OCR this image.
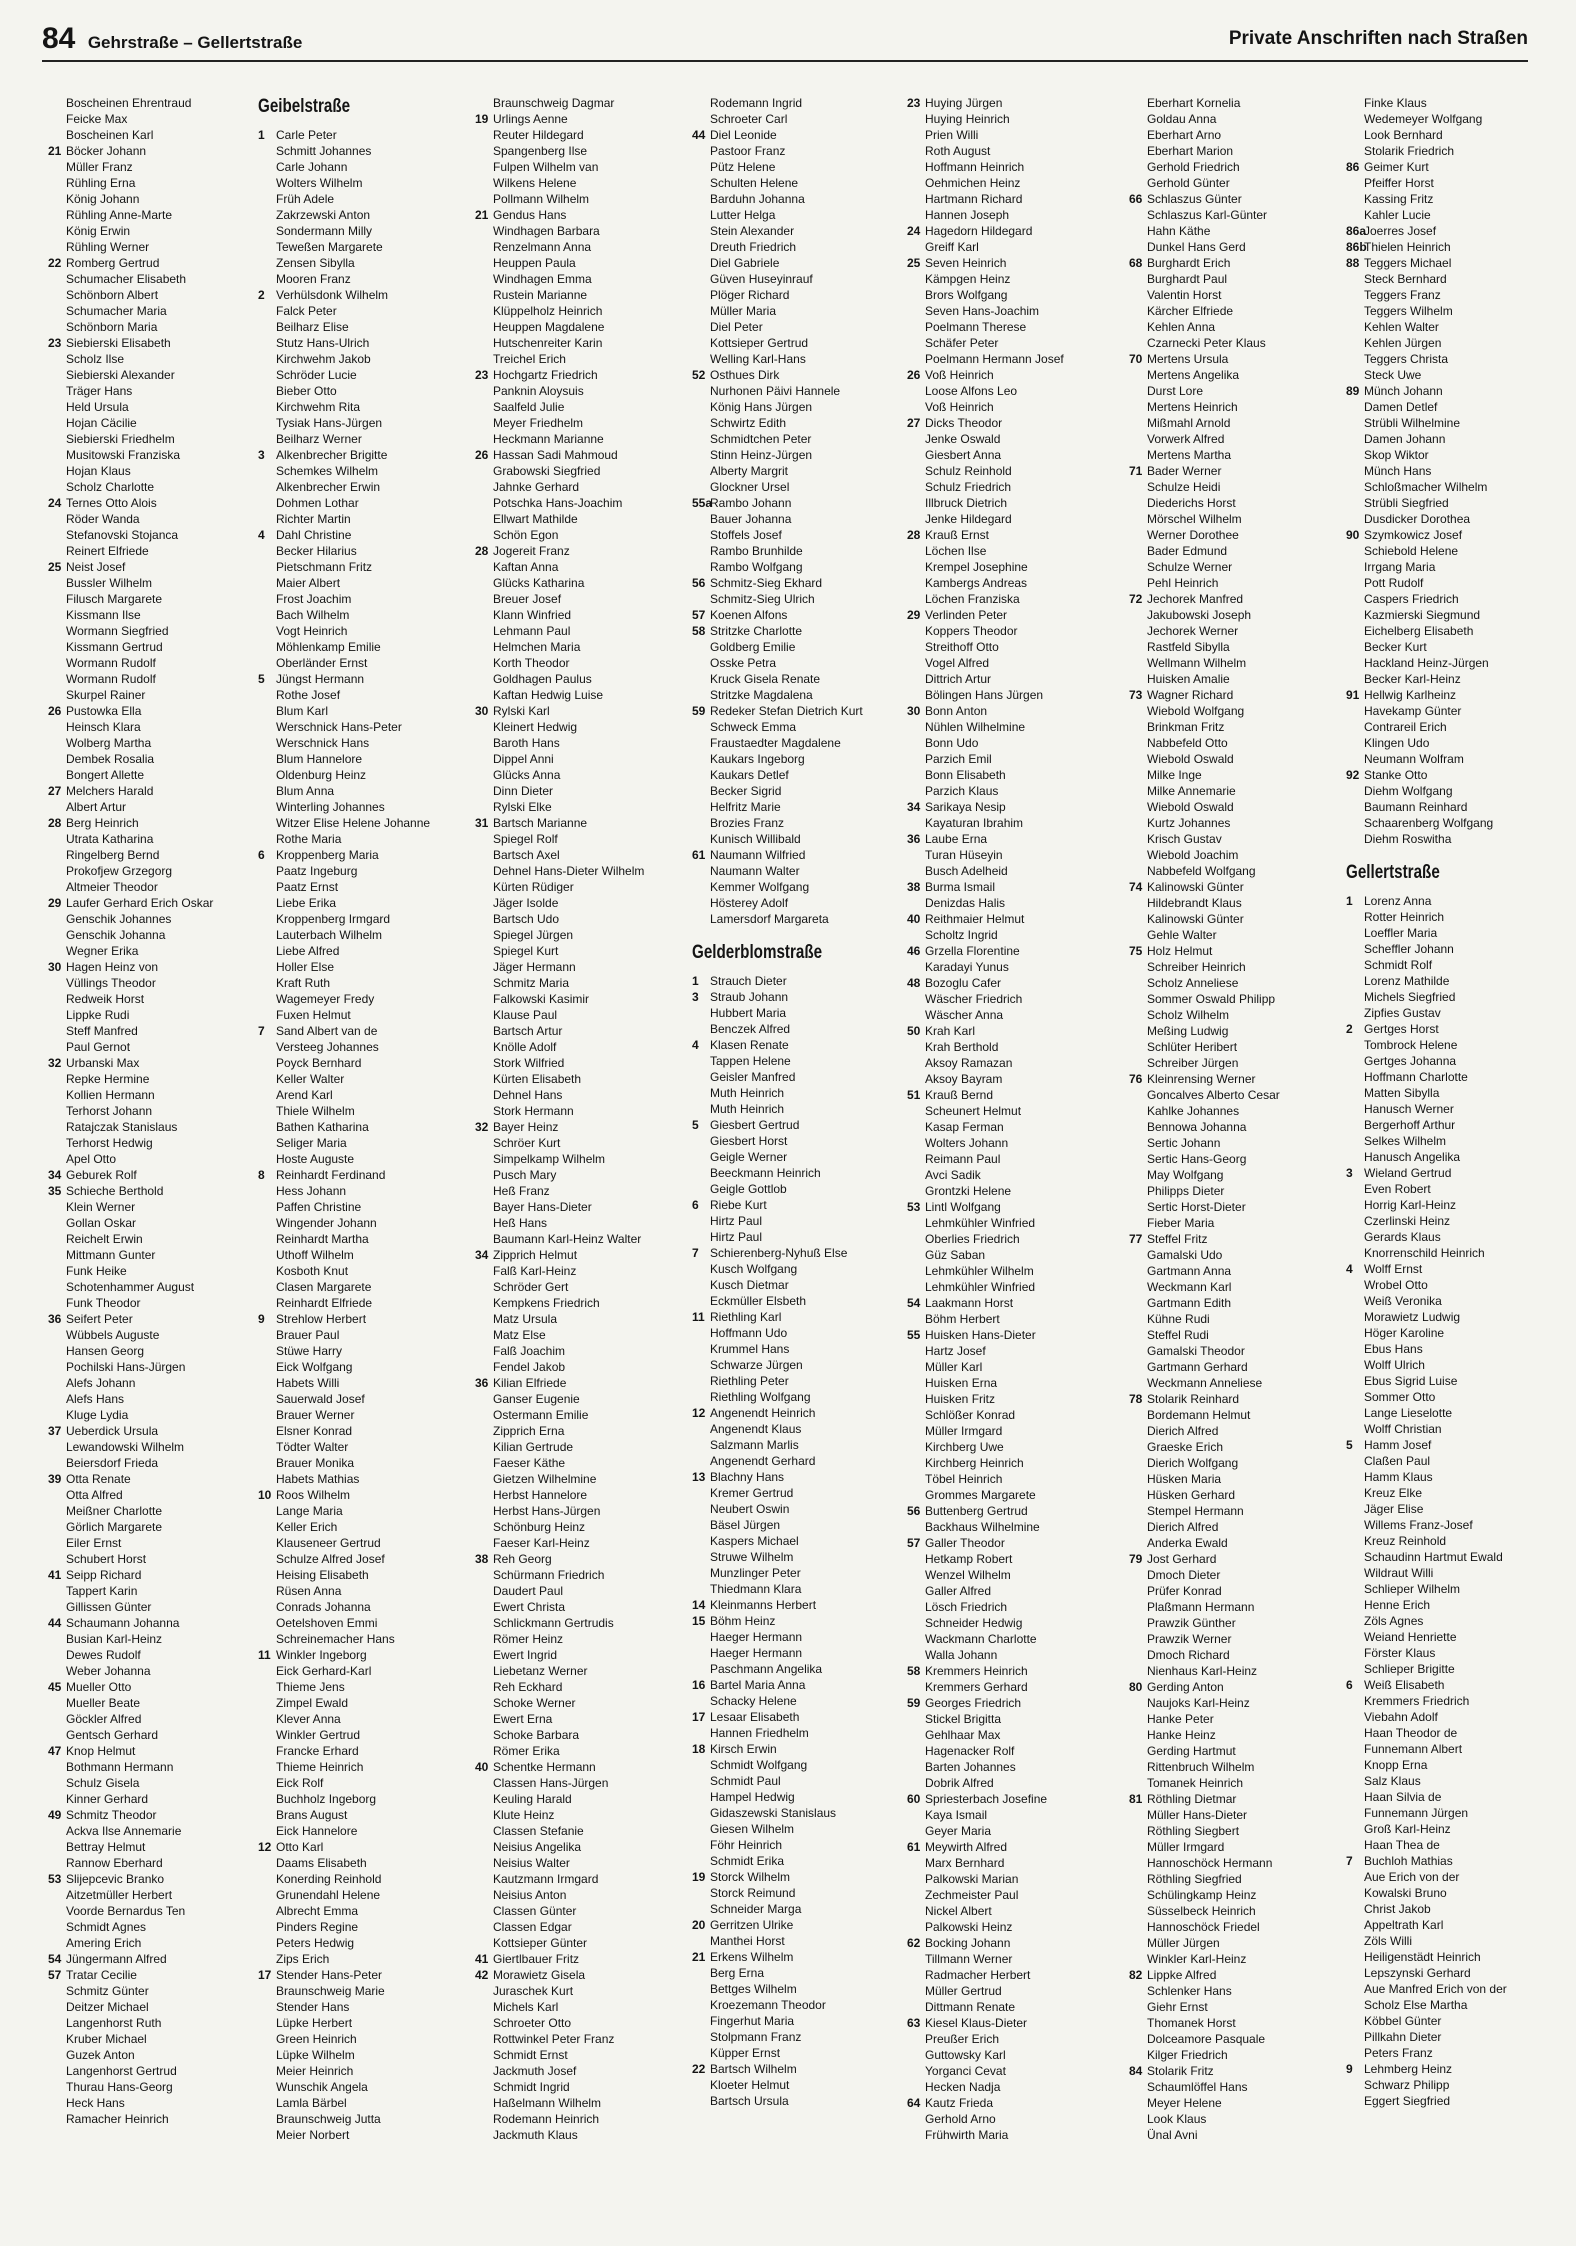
84 Gehrstraße – Gellertstraße	Private Anschriften nach Straßen
Boscheinen Ehrentraud
Feicke Max
Boscheinen Karl
21 Böcker Johann
Müller Franz
Rühling Erna
König Johann
Rühling Anne-Marte
König Erwin
Rühling Werner
22 Romberg Gertrud
Schumacher Elisabeth
Schönborn Albert
Schumacher Maria
Schönborn Maria
23 Siebierski Elisabeth
Scholz Ilse
Siebierski Alexander
Träger Hans
Held Ursula
Hojan Cäcilie
Siebierski Friedhelm
Musitowski Franziska
Hojan Klaus
Scholz Charlotte
24 Ternes Otto Alois
Röder Wanda
Stefanovski Stojanca
Reinert Elfriede
25 Neist Josef
Bussler Wilhelm
Filusch Margarete
Kissmann Ilse
Wormann Siegfried
Kissmann Gertrud
Wormann Rudolf
Wormann Rudolf
Skurpel Rainer
26 Pustowka Ella
Heinsch Klara
Wolberg Martha
Dembek Rosalia
Bongert Allette
27 Melchers Harald
Albert Artur
28 Berg Heinrich
Utrata Katharina
Ringelberg Bernd
Prokofjew Grzegorg
Altmeier Theodor
29 Laufer Gerhard Erich Oskar
Genschik Johannes
Genschik Johanna
Wegner Erika
30 Hagen Heinz von
Vüllings Theodor
Redweik Horst
Lippke Rudi
Steff Manfred
Paul Gernot
32 Urbanski Max
Repke Hermine
Kollien Hermann
Terhorst Johann
Ratajczak Stanislaus
Terhorst Hedwig
Apel Otto
34 Geburek Rolf
35 Schieche Berthold
Klein Werner
Gollan Oskar
Reichelt Erwin
Mittmann Gunter
Funk Heike
Schotenhammer August
Funk Theodor
36 Seifert Peter
Wübbels Auguste
Hansen Georg
Pochilski Hans-Jürgen
Alefs Johann
Alefs Hans
Kluge Lydia
37 Ueberdick Ursula
Lewandowski Wilhelm
Beiersdorf Frieda
39 Otta Renate
Otta Alfred
Meißner Charlotte
Görlich Margarete
Eiler Ernst
Schubert Horst
41 Seipp Richard
Tappert Karin
Gillissen Günter
44 Schaumann Johanna
Busian Karl-Heinz
Dewes Rudolf
Weber Johanna
45 Mueller Otto
Mueller Beate
Göckler Alfred
Gentsch Gerhard
47 Knop Helmut
Bothmann Hermann
Schulz Gisela
Kinner Gerhard
49 Schmitz Theodor
Ackva Ilse Annemarie
Bettray Helmut
Rannow Eberhard
53 Slijepcevic Branko
Aitzetmüller Herbert
Voorde Bernardus Ten
Schmidt Agnes
Amering Erich
54 Jüngermann Alfred
57 Tratar Cecilie
Schmitz Günter
Deitzer Michael
Langenhorst Ruth
Kruber Michael
Guzek Anton
Langenhorst Gertrud
Thurau Hans-Georg
Heck Hans
Ramacher Heinrich
Geibelstraße
1 Carle Peter
Schmitt Johannes
Carle Johann
Wolters Wilhelm
Früh Adele
Zakrzewski Anton
Sondermann Milly
Teweßen Margarete
Zensen Sibylla
Mooren Franz
2 Verhülsdonk Wilhelm
Falck Peter
Beilharz Elise
Stutz Hans-Ulrich
Kirchwehm Jakob
Schröder Lucie
Bieber Otto
Kirchwehm Rita
Tysiak Hans-Jürgen
Beilharz Werner
3 Alkenbrecher Brigitte
Schemkes Wilhelm
Alkenbrecher Erwin
Dohmen Lothar
Richter Martin
4 Dahl Christine
Becker Hilarius
Pietschmann Fritz
Maier Albert
Frost Joachim
Bach Wilhelm
Vogt Heinrich
Möhlenkamp Emilie
Oberländer Ernst
5 Jüngst Hermann
Rothe Josef
Blum Karl
Werschnick Hans-Peter
Werschnick Hans
Blum Hannelore
Oldenburg Heinz
Blum Anna
Winterling Johannes
Witzer Elise Helene Johanne
Rothe Maria
6 Kroppenberg Maria
Paatz Ingeburg
Paatz Ernst
Liebe Erika
Kroppenberg Irmgard
Lauterbach Wilhelm
Liebe Alfred
Holler Else
Kraft Ruth
Wagemeyer Fredy
Fuxen Helmut
7 Sand Albert van de
Versteeg Johannes
Poyck Bernhard
Keller Walter
Arend Karl
Thiele Wilhelm
Bathen Katharina
Seliger Maria
Hoste Auguste
8 Reinhardt Ferdinand
Hess Johann
Paffen Christine
Wingender Johann
Reinhardt Martha
Uthoff Wilhelm
Kosboth Knut
Clasen Margarete
Reinhardt Elfriede
9 Strehlow Herbert
Brauer Paul
Stüwe Harry
Eick Wolfgang
Habets Willi
Sauerwald Josef
Brauer Werner
Elsner Konrad
Tödter Walter
Brauer Monika
Habets Mathias
10 Roos Wilhelm
Lange Maria
Keller Erich
Klauseneer Gertrud
Schulze Alfred Josef
Heising Elisabeth
Rüsen Anna
Conrads Johanna
Oetelshoven Emmi
Schreinemacher Hans
11 Winkler Ingeborg
Eick Gerhard-Karl
Thieme Jens
Zimpel Ewald
Klever Anna
Winkler Gertrud
Francke Erhard
Thieme Heinrich
Eick Rolf
Buchholz Ingeborg
Brans August
Eick Hannelore
12 Otto Karl
Daams Elisabeth
Konerding Reinhold
Grunendahl Helene
Albrecht Emma
Pinders Regine
Peters Hedwig
Zips Erich
17 Stender Hans-Peter
Braunschweig Marie
Stender Hans
Lüpke Herbert
Green Heinrich
Lüpke Wilhelm
Meier Heinrich
Wunschik Angela
Lamla Bärbel
Braunschweig Jutta
Meier Norbert
Braunschweig Dagmar
19 Urlings Aenne
Reuter Hildegard
Spangenberg Ilse
Fulpen Wilhelm van
Wilkens Helene
Pollmann Wilhelm
21 Gendus Hans
Windhagen Barbara
Renzelmann Anna
Heuppen Paula
Windhagen Emma
Rustein Marianne
Klüppelholz Heinrich
Heuppen Magdalene
Hutschenreiter Karin
Treichel Erich
23 Hochgartz Friedrich
Panknin Aloysuis
Saalfeld Julie
Meyer Friedhelm
Heckmann Marianne
26 Hassan Sadi Mahmoud
Grabowski Siegfried
Jahnke Gerhard
Potschka Hans-Joachim
Ellwart Mathilde
Schön Egon
28 Jogereit Franz
Kaftan Anna
Glücks Katharina
Breuer Josef
Klann Winfried
Lehmann Paul
Helmchen Maria
Korth Theodor
Goldhagen Paulus
Kaftan Hedwig Luise
30 Rylski Karl
Kleinert Hedwig
Baroth Hans
Dippel Anni
Glücks Anna
Dinn Dieter
Rylski Elke
31 Bartsch Marianne
Spiegel Rolf
Bartsch Axel
Dehnel Hans-Dieter Wilhelm
Kürten Rüdiger
Jäger Isolde
Bartsch Udo
Spiegel Jürgen
Spiegel Kurt
Jäger Hermann
Schmitz Maria
Falkowski Kasimir
Klause Paul
Bartsch Artur
Knölle Adolf
Stork Wilfried
Kürten Elisabeth
Dehnel Hans
Stork Hermann
32 Bayer Heinz
Schröer Kurt
Simpelkamp Wilhelm
Pusch Mary
Heß Franz
Bayer Hans-Dieter
Heß Hans
Baumann Karl-Heinz Walter
34 Zipprich Helmut
Falß Karl-Heinz
Schröder Gert
Kempkens Friedrich
Matz Ursula
Matz Else
Falß Joachim
Fendel Jakob
36 Kilian Elfriede
Ganser Eugenie
Ostermann Emilie
Zipprich Erna
Kilian Gertrude
Faeser Käthe
Gietzen Wilhelmine
Herbst Hannelore
Herbst Hans-Jürgen
Schönburg Heinz
Faeser Karl-Heinz
38 Reh Georg
Schürmann Friedrich
Daudert Paul
Ewert Christa
Schlickmann Gertrudis
Römer Heinz
Ewert Ingrid
Liebetanz Werner
Reh Eckhard
Schoke Werner
Ewert Erna
Schoke Barbara
Römer Erika
40 Schentke Hermann
Classen Hans-Jürgen
Keuling Harald
Klute Heinz
Classen Stefanie
Neisius Angelika
Neisius Walter
Kautzmann Irmgard
Neisius Anton
Classen Günter
Classen Edgar
Kottsieper Günter
41 Giertlbauer Fritz
42 Morawietz Gisela
Juraschek Kurt
Michels Karl
Schroeter Otto
Rottwinkel Peter Franz
Schmidt Ernst
Jackmuth Josef
Schmidt Ingrid
Haßelmann Wilhelm
Rodemann Heinrich
Jackmuth Klaus
Rodemann Ingrid
Schroeter Carl
44 Diel Leonide
Pastoor Franz
Pütz Helene
Schulten Helene
Barduhn Johanna
Lutter Helga
Stein Alexander
Dreuth Friedrich
Diel Gabriele
Güven Huseyinrauf
Plöger Richard
Müller Maria
Diel Peter
Kottsieper Gertrud
Welling Karl-Hans
52 Osthues Dirk
Nurhonen Päivi Hannele
König Hans Jürgen
Schwirtz Edith
Schmidtchen Peter
Stinn Heinz-Jürgen
Alberty Margrit
Glockner Ursel
55a
Rambo Johann
Bauer Johanna
Stoffels Josef
Rambo Brunhilde
Rambo Wolfgang
56 Schmitz-Sieg Ekhard
Schmitz-Sieg Ulrich
57 Koenen Alfons
58 Stritzke Charlotte
Goldberg Emilie
Osske Petra
Kruck Gisela Renate
Stritzke Magdalena
59 Redeker Stefan Dietrich Kurt
Schweck Emma
Fraustaedter Magdalene
Kaukars Ingeborg
Kaukars Detlef
Becker Sigrid
Helfritz Marie
Brozies Franz
Kunisch Willibald
61 Naumann Wilfried
Naumann Walter
Kemmer Wolfgang
Hösterey Adolf
Lamersdorf Margareta
Gelderblomstraße
1 Strauch Dieter
3 Straub Johann
Hubbert Maria
Benczek Alfred
4 Klasen Renate
Tappen Helene
Geisler Manfred
Muth Heinrich
Muth Heinrich
5 Giesbert Gertrud
Giesbert Horst
Geigle Werner
Beeckmann Heinrich
Geigle Gottlob
6 Riebe Kurt
Hirtz Paul
Hirtz Paul
7 Schierenberg-Nyhuß Else
Kusch Wolfgang
Kusch Dietmar
Eckmüller Elsbeth
11 Riethling Karl
Hoffmann Udo
Krummel Hans
Schwarze Jürgen
Riethling Peter
Riethling Wolfgang
12 Angenendt Heinrich
Angenendt Klaus
Salzmann Marlis
Angenendt Gerhard
13 Blachny Hans
Kremer Gertrud
Neubert Oswin
Bäsel Jürgen
Kaspers Michael
Struwe Wilhelm
Munzlinger Peter
Thiedmann Klara
14 Kleinmanns Herbert
15 Böhm Heinz
Haeger Hermann
Haeger Hermann
Paschmann Angelika
16 Bartel Maria Anna
Schacky Helene
17 Lesaar Elisabeth
Hannen Friedhelm
18 Kirsch Erwin
Schmidt Wolfgang
Schmidt Paul
Hampel Hedwig
Gidaszewski Stanislaus
Giesen Wilhelm
Föhr Heinrich
Schmidt Erika
19 Storck Wilhelm
Storck Reimund
Schneider Marga
20 Gerritzen Ulrike
Manthei Horst
21 Erkens Wilhelm
Berg Erna
Bettges Wilhelm
Kroezemann Theodor
Fingerhut Maria
Stolpmann Franz
Küpper Ernst
22 Bartsch Wilhelm
Kloeter Helmut
Bartsch Ursula
23 Huying Jürgen
Huying Heinrich
Prien Willi
Roth August
Hoffmann Heinrich
Oehmichen Heinz
Hartmann Richard
Hannen Joseph
24 Hagedorn Hildegard
Greiff Karl
25 Seven Heinrich
Kämpgen Heinz
Brors Wolfgang
Seven Hans-Joachim
Poelmann Therese
Schäfer Peter
Poelmann Hermann Josef
26 Voß Heinrich
Loose Alfons Leo
Voß Heinrich
27 Dicks Theodor
Jenke Oswald
Giesbert Anna
Schulz Reinhold
Schulz Friedrich
Illbruck Dietrich
Jenke Hildegard
28 Krauß Ernst
Löchen Ilse
Krempel Josephine
Kambergs Andreas
Löchen Franziska
29 Verlinden Peter
Koppers Theodor
Streithoff Otto
Vogel Alfred
Dittrich Artur
Bölingen Hans Jürgen
30 Bonn Anton
Nühlen Wilhelmine
Bonn Udo
Parzich Emil
Bonn Elisabeth
Parzich Klaus
34 Sarikaya Nesip
Kayaturan Ibrahim
36 Laube Erna
Turan Hüseyin
Busch Adelheid
38 Burma Ismail
Denizdas Halis
40 Reithmaier Helmut
Scholtz Ingrid
46 Grzella Florentine
Karadayi Yunus
48 Bozoglu Cafer
Wäscher Friedrich
Wäscher Anna
50 Krah Karl
Krah Berthold
Aksoy Ramazan
Aksoy Bayram
51 Krauß Bernd
Scheunert Helmut
Kasap Ferman
Wolters Johann
Reimann Paul
Avci Sadik
Grontzki Helene
53 Lintl Wolfgang
Lehmkühler Winfried
Oberlies Friedrich
Güz Saban
Lehmkühler Wilhelm
Lehmkühler Winfried
54 Laakmann Horst
Böhm Herbert
55 Huisken Hans-Dieter
Hartz Josef
Müller Karl
Huisken Erna
Huisken Fritz
Schlößer Konrad
Müller Irmgard
Kirchberg Uwe
Kirchberg Heinrich
Töbel Heinrich
Grommes Margarete
56 Buttenberg Gertrud
Backhaus Wilhelmine
57 Galler Theodor
Hetkamp Robert
Wenzel Wilhelm
Galler Alfred
Lösch Friedrich
Schneider Hedwig
Wackmann Charlotte
Walla Johann
58 Kremmers Heinrich
Kremmers Gerhard
59 Georges Friedrich
Stickel Brigitta
Gehlhaar Max
Hagenacker Rolf
Barten Johannes
Dobrik Alfred
60 Spriesterbach Josefine
Kaya Ismail
Geyer Maria
61 Meywirth Alfred
Marx Bernhard
Palkowski Marian
Zechmeister Paul
Nickel Albert
Palkowski Heinz
62 Bocking Johann
Tillmann Werner
Radmacher Herbert
Müller Gertrud
Dittmann Renate
63 Kiesel Klaus-Dieter
Preußer Erich
Guttowsky Karl
Yorganci Cevat
Hecken Nadja
64 Kautz Frieda
Gerhold Arno
Frühwirth Maria
Eberhart Kornelia
Goldau Anna
Eberhart Arno
Eberhart Marion
Gerhold Friedrich
Gerhold Günter
66 Schlaszus Günter
Schlaszus Karl-Günter
Hahn Käthe
Dunkel Hans Gerd
68 Burghardt Erich
Burghardt Paul
Valentin Horst
Kärcher Elfriede
Kehlen Anna
Czarnecki Peter Klaus
70 Mertens Ursula
Mertens Angelika
Durst Lore
Mertens Heinrich
Mißmahl Arnold
Vorwerk Alfred
Mertens Martha
71 Bader Werner
Schulze Heidi
Diederichs Horst
Mörschel Wilhelm
Werner Dorothee
Bader Edmund
Schulze Werner
Pehl Heinrich
72 Jechorek Manfred
Jakubowski Joseph
Jechorek Werner
Rastfeld Sibylla
Wellmann Wilhelm
Huisken Amalie
73 Wagner Richard
Wiebold Wolfgang
Brinkman Fritz
Nabbefeld Otto
Wiebold Oswald
Milke Inge
Milke Annemarie
Wiebold Oswald
Kurtz Johannes
Krisch Gustav
Wiebold Joachim
Nabbefeld Wolfgang
74 Kalinowski Günter
Hildebrandt Klaus
Kalinowski Günter
Gehle Walter
75 Holz Helmut
Schreiber Heinrich
Scholz Anneliese
Sommer Oswald Philipp
Scholz Wilhelm
Meßing Ludwig
Schlüter Heribert
Schreiber Jürgen
76 Kleinrensing Werner
Goncalves Alberto Cesar
Kahlke Johannes
Bennowa Johanna
Sertic Johann
Sertic Hans-Georg
May Wolfgang
Philipps Dieter
Sertic Horst-Dieter
Fieber Maria
77 Steffel Fritz
Gamalski Udo
Gartmann Anna
Weckmann Karl
Gartmann Edith
Kühne Rudi
Steffel Rudi
Gamalski Theodor
Gartmann Gerhard
Weckmann Anneliese
78 Stolarik Reinhard
Bordemann Helmut
Dierich Alfred
Graeske Erich
Dierich Wolfgang
Hüsken Maria
Hüsken Gerhard
Stempel Hermann
Dierich Alfred
Anderka Ewald
79 Jost Gerhard
Dmoch Dieter
Prüfer Konrad
Plaßmann Hermann
Prawzik Günther
Prawzik Werner
Dmoch Richard
Nienhaus Karl-Heinz
80 Gerding Anton
Naujoks Karl-Heinz
Hanke Peter
Hanke Heinz
Gerding Hartmut
Rittenbruch Wilhelm
Tomanek Heinrich
81 Röthling Dietmar
Müller Hans-Dieter
Röthling Siegbert
Müller Irmgard
Hannoschöck Hermann
Röthling Siegfried
Schülingkamp Heinz
Süsselbeck Heinrich
Hannoschöck Friedel
Müller Jürgen
Winkler Karl-Heinz
82 Lippke Alfred
Schlenker Hans
Giehr Ernst
Thomanek Horst
Dolceamore Pasquale
Kilger Friedrich
84 Stolarik Fritz
Schaumlöffel Hans
Meyer Helene
Look Klaus
Ünal Avni
Finke Klaus
Wedemeyer Wolfgang
Look Bernhard
Stolarik Friedrich
86 Geimer Kurt
Pfeiffer Horst
Kassing Fritz
Kahler Lucie
86a
Joerres Josef
86b
Thielen Heinrich
88 Teggers Michael
Steck Bernhard
Teggers Franz
Teggers Wilhelm
Kehlen Walter
Kehlen Jürgen
Teggers Christa
Steck Uwe
89 Münch Johann
Damen Detlef
Strübli Wilhelmine
Damen Johann
Skop Wiktor
Münch Hans
Schloßmacher Wilhelm
Strübli Siegfried
Dusdicker Dorothea
90 Szymkowicz Josef
Schiebold Helene
Irrgang Maria
Pott Rudolf
Caspers Friedrich
Kazmierski Siegmund
Eichelberg Elisabeth
Becker Kurt
Hackland Heinz-Jürgen
Becker Karl-Heinz
91 Hellwig Karlheinz
Havekamp Günter
Contrareil Erich
Klingen Udo
Neumann Wolfram
92 Stanke Otto
Diehm Wolfgang
Baumann Reinhard
Schaarenberg Wolfgang
Diehm Roswitha
Gellertstraße
1 Lorenz Anna
Rotter Heinrich
Loeffler Maria
Scheffler Johann
Schmidt Rolf
Lorenz Mathilde
Michels Siegfried
Zipfies Gustav
2 Gertges Horst
Tombrock Helene
Gertges Johanna
Hoffmann Charlotte
Matten Sibylla
Hanusch Werner
Bergerhoff Arthur
Selkes Wilhelm
Hanusch Angelika
3 Wieland Gertrud
Even Robert
Horrig Karl-Heinz
Czerlinski Heinz
Gerards Klaus
Knorrenschild Heinrich
4 Wolff Ernst
Wrobel Otto
Weiß Veronika
Morawietz Ludwig
Höger Karoline
Ebus Hans
Wolff Ulrich
Ebus Sigrid Luise
Sommer Otto
Lange Lieselotte
Wolff Christian
5 Hamm Josef
Claßen Paul
Hamm Klaus
Kreuz Elke
Jäger Elise
Willems Franz-Josef
Kreuz Reinhold
Schaudinn Hartmut Ewald
Wildraut Willi
Schlieper Wilhelm
Henne Erich
Zöls Agnes
Weiand Henriette
Förster Klaus
Schlieper Brigitte
6 Weiß Elisabeth
Kremmers Friedrich
Viebahn Adolf
Haan Theodor de
Funnemann Albert
Knopp Erna
Salz Klaus
Haan Silvia de
Funnemann Jürgen
Groß Karl-Heinz
Haan Thea de
7 Buchloh Mathias
Aue Erich von der
Kowalski Bruno
Christ Jakob
Appeltrath Karl
Zöls Willi
Heiligenstädt Heinrich
Lepszynski Gerhard
Aue Manfred Erich von der
Scholz Else Martha
Köbbel Günter
Pillkahn Dieter
Peters Franz
9 Lehmberg Heinz
Schwarz Philipp
Eggert Siegfried
